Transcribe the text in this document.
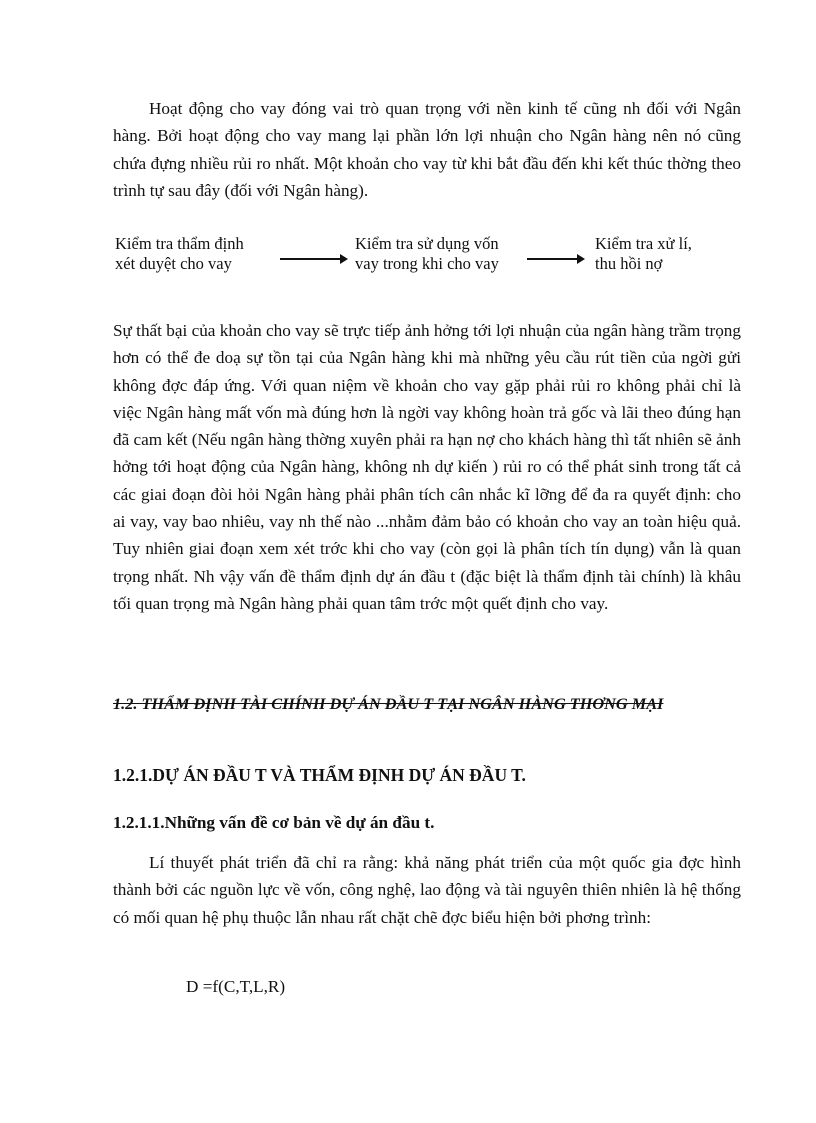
Hoạt động cho vay đóng vai trò quan trọng với nền kinh tế cũng nh đối với Ngân hàng. Bởi hoạt động cho vay mang lại phần lớn lợi nhuận cho Ngân hàng nên nó cũng chứa đựng nhiều rủi ro nhất. Một khoản cho vay từ khi bắt đầu đến khi kết thúc thờng theo trình tự sau đây (đối với Ngân hàng).

Kiểm tra thẩm định
xét duyệt cho vay
Kiểm tra sử dụng vốn
vay trong khi cho vay
Kiểm tra xử lí,
thu hồi nợ

Sự thất bại của khoản cho vay sẽ trực tiếp ảnh hởng tới lợi nhuận của ngân hàng trầm trọng hơn có thể đe doạ sự tồn tại của Ngân hàng khi mà những yêu cầu rút tiền của ngời gửi không đợc đáp ứng. Với quan niệm về khoản cho vay gặp phải rủi ro không phải chỉ là việc Ngân hàng mất vốn mà đúng hơn là ngời vay không hoàn trả gốc và lãi theo đúng hạn đã cam kết (Nếu ngân hàng thờng xuyên phải ra hạn nợ cho khách hàng thì tất nhiên sẽ ảnh hởng tới hoạt động của Ngân hàng, không nh dự kiến ) rủi ro có thể phát sinh trong tất cả các giai đoạn đòi hỏi Ngân hàng phải phân tích cân nhắc kĩ lỡng để đa ra quyết định: cho ai vay, vay bao nhiêu, vay nh thế nào ...nhằm đảm bảo có khoản cho vay an toàn hiệu quả. Tuy nhiên giai đoạn xem xét trớc khi cho vay (còn gọi là phân tích tín dụng) vẫn là quan trọng nhất. Nh vậy vấn đề thẩm định dự án đầu t (đặc biệt là thẩm định tài chính) là khâu tối quan trọng mà Ngân hàng phải quan tâm trớc một quết định cho vay.

1.2. THẨM ĐỊNH TÀI CHÍNH DỰ ÁN ĐẦU T TẠI NGÂN HÀNG THƠNG MẠI

1.2.1.DỰ ÁN ĐẦU T VÀ THẨM ĐỊNH DỰ ÁN ĐẦU T.

1.2.1.1.Những vấn đề cơ bản về dự án đầu t.

Lí thuyết phát triển đã chỉ ra rằng: khả năng phát triển của một quốc gia đợc hình thành bởi các nguồn lực về vốn, công nghệ, lao động và tài nguyên thiên nhiên là hệ thống có mối quan hệ phụ thuộc lẫn nhau rất chặt chẽ đợc biểu hiện bởi phơng trình:

D =f(C,T,L,R)
